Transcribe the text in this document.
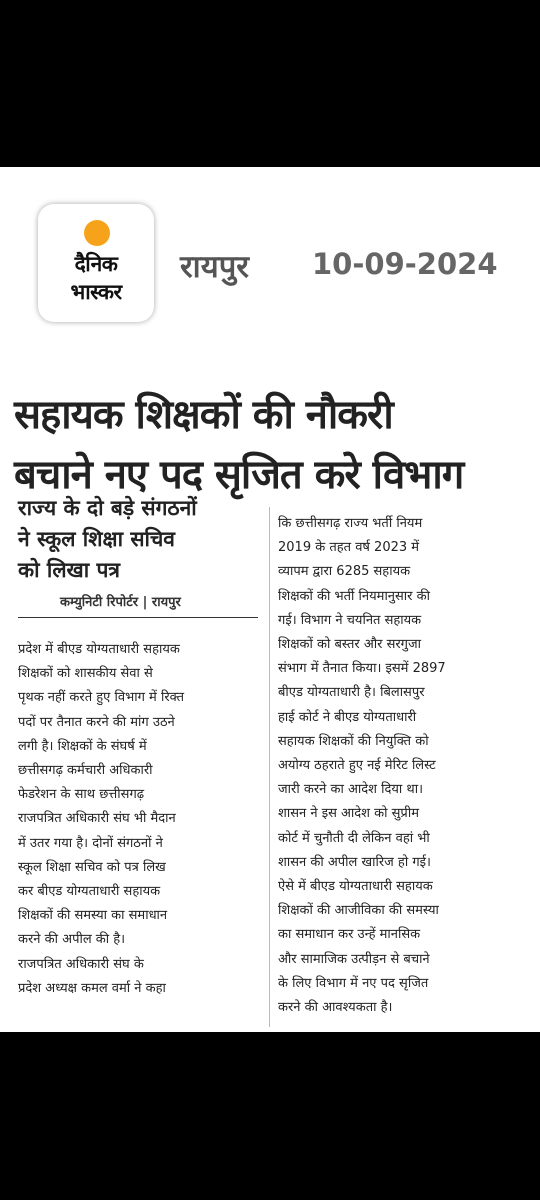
दैनिक
भास्कर
रायपुर 10-09-2024
सहायक शिक्षकों की नौकरी
बचाने नए पद सृजित करे विभाग
राज्य के दो बड़े संगठनों
ने स्कूल शिक्षा सचिव
को लिखा पत्र
कम्युनिटी रिपोर्टर | रायपुर
प्रदेश में बीएड योग्यताधारी सहायक
शिक्षकों को शासकीय सेवा से
पृथक नहीं करते हुए विभाग में रिक्त
पदों पर तैनात करने की मांग उठने
लगी है। शिक्षकों के संघर्ष में
छत्तीसगढ़ कर्मचारी अधिकारी
फेडरेशन के साथ छत्तीसगढ़
राजपत्रित अधिकारी संघ भी मैदान
में उतर गया है। दोनों संगठनों ने
स्कूल शिक्षा सचिव को पत्र लिख
कर बीएड योग्यताधारी सहायक
शिक्षकों की समस्या का समाधान
करने की अपील की है।
राजपत्रित अधिकारी संघ के
प्रदेश अध्यक्ष कमल वर्मा ने कहा
कि छत्तीसगढ़ राज्य भर्ती नियम
2019 के तहत वर्ष 2023 में
व्यापम द्वारा 6285 सहायक
शिक्षकों की भर्ती नियमानुसार की
गई। विभाग ने चयनित सहायक
शिक्षकों को बस्तर और सरगुजा
संभाग में तैनात किया। इसमें 2897
बीएड योग्यताधारी है। बिलासपुर
हाई कोर्ट ने बीएड योग्यताधारी
सहायक शिक्षकों की नियुक्ति को
अयोग्य ठहराते हुए नई मेरिट लिस्ट
जारी करने का आदेश दिया था।
शासन ने इस आदेश को सुप्रीम
कोर्ट में चुनौती दी लेकिन वहां भी
शासन की अपील खारिज हो गई।
ऐसे में बीएड योग्यताधारी सहायक
शिक्षकों की आजीविका की समस्या
का समाधान कर उन्हें मानसिक
और सामाजिक उत्पीड़न से बचाने
के लिए विभाग में नए पद सृजित
करने की आवश्यकता है।
